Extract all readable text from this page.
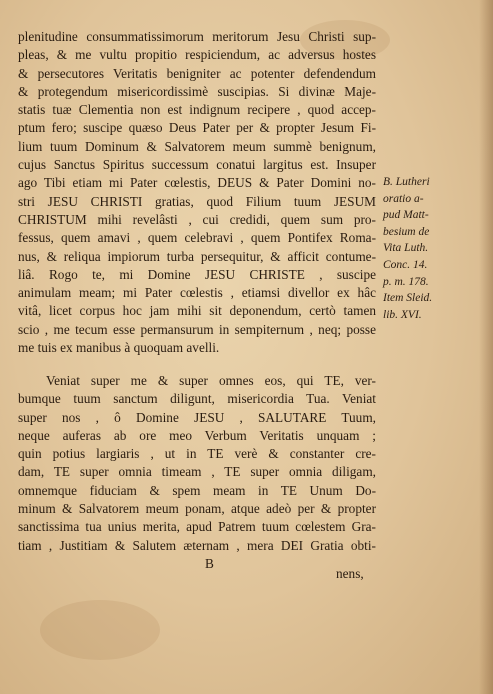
plenitudine consummatissimorum meritorum Jesu Christi sup-
pleas, & me vultu propitio respiciendum, ac adversus hostes
& persecutores Veritatis benigniter ac potenter defendendum
& protegendum misericordissimè suscipias. Si divinæ Maje-
statis tuæ Clementia non est indignum recipere , quod accep-
ptum fero; suscipe quæso Deus Pater per & propter Jesum Fi-
lium tuum Dominum & Salvatorem meum summè benignum,
cujus Sanctus Spiritus successum conatui largitus est. Insuper
ago Tibi etiam mi Pater cœlestis, DEUS & Pater Domini no-
stri JESU CHRISTI gratias, quod Filium tuum JESUM
CHRISTUM mihi revelâsti , cui credidi, quem sum pro-
fessus, quem amavi , quem celebravi , quem Pontifex Roma-
nus, & reliqua impiorum turba persequitur, & afficit contume-
liâ. Rogo te, mi Domine JESU CHRISTE , suscipe
animulam meam; mi Pater cœlestis , etiamsi divellor ex hâc
vitâ, licet corpus hoc jam mihi sit deponendum, certò tamen
scio , me tecum esse permansurum in sempiternum , neq; posse
me tuis ex manibus à quoquam avelli.
B. Lutheri
oratio a-
pud Matt-
besium de
Vita Luth.
Conc. 14.
p. m. 178.
Item Sleid.
lib. XVI.
Veniat super me & super omnes eos, qui TE, ver-
bumque tuum sanctum diligunt, misericordia Tua. Veniat
super nos , ô Domine JESU , SALUTARE Tuum,
neque auferas ab ore meo Verbum Veritatis unquam ;
quin potius largiaris , ut in TE verè & constanter cre-
dam, TE super omnia timeam , TE super omnia diligam,
omnemque fiduciam & spem meam in TE Unum Do-
minum & Salvatorem meum ponam, atque adeò per & propter
sanctissima tua unius merita, apud Patrem tuum cœlestem Gra-
tiam , Justitiam & Salutem æternam , mera DEI Gratia obti-
B
nens,
